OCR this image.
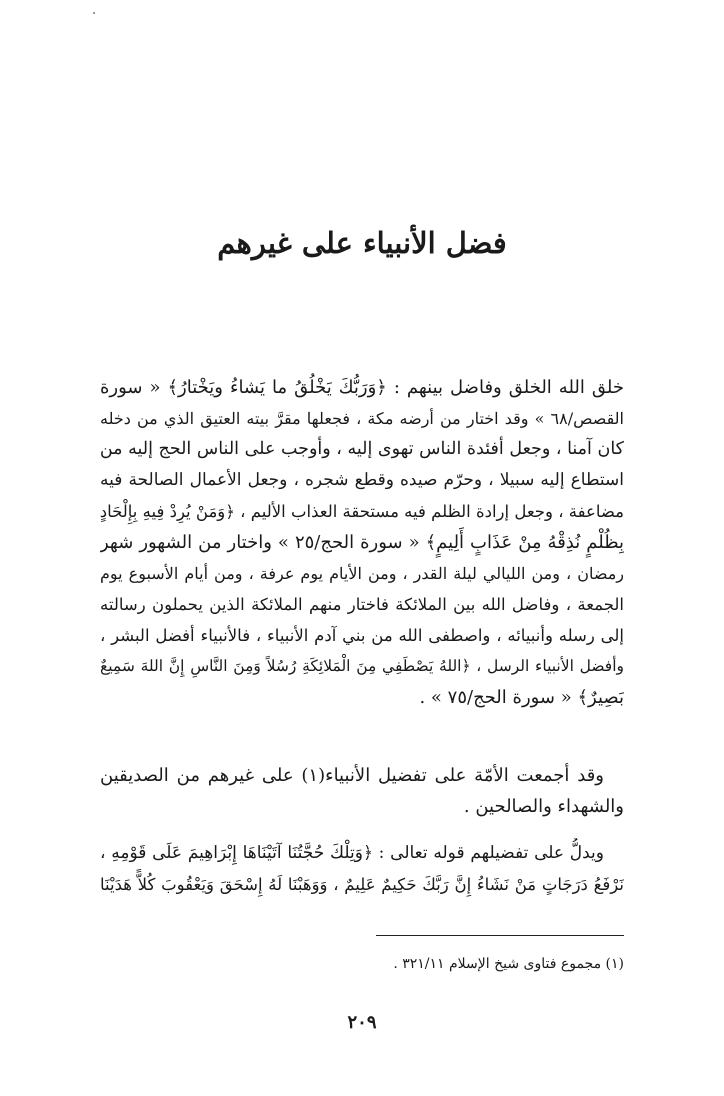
فضل الأنبياء على غيرهم
خلق الله الخلق وفاضل بينهم : ﴿وَرَبُّكَ يَخْلُقُ ما يَشاءُ ويَخْتارُ﴾ « سورة
القصص/٦٨ » وقد اختار من أرضه مكة ، فجعلها مقرَّ بيته العتيق الذي من دخله
كان آمنا ، وجعل أفئدة الناس تهوى إليه ، وأوجب على الناس الحج إليه من
استطاع إليه سبيلا ، وحرّم صيده وقطع شجره ، وجعل الأعمال الصالحة فيه
مضاعفة ، وجعل إرادة الظلم فيه مستحقة العذاب الأليم ، ﴿وَمَنْ يُرِدْ فِيهِ بِإِلْحَادٍ
بِظُلْمٍ نُذِقْهُ مِنْ عَذَابٍ أَلِيمٍ﴾ « سورة الحج/٢٥ » واختار من الشهور شهر
رمضان ، ومن الليالي ليلة القدر ، ومن الأيام يوم عرفة ، ومن أيام الأسبوع يوم
الجمعة ، وفاضل الله بين الملائكة فاختار منهم الملائكة الذين يحملون رسالته
إلى رسله وأنبيائه ، واصطفى الله من بني آدم الأنبياء ، فالأنبياء أفضل البشر ،
وأفضل الأنبياء الرسل ، ﴿اللهُ يَصْطَفِي مِنَ الْمَلائِكَةِ رُسُلاً وَمِنَ النَّاسِ إِنَّ اللهَ سَمِيعٌ
بَصِيرٌ﴾ « سورة الحج/٧٥ » .
وقد أجمعت الأمّة على تفضيل الأنبياء(١) على غيرهم من الصديقين
والشهداء والصالحين .
ويدلُّ على تفضيلهم قوله تعالى : ﴿وَتِلْكَ حُجَّتُنَا آتَيْنَاهَا إِبْرَاهِيمَ عَلَى قَوْمِهِ ،
نَرْفَعُ دَرَجَاتٍ مَنْ نَشَاءُ إِنَّ رَبَّكَ حَكِيمٌ عَلِيمٌ ، وَوَهَبْنَا لَهُ إِسْحَقَ وَيَعْقُوبَ كُلاًّ هَدَيْنَا
(١) مجموع فتاوى شيخ الإسلام ٣٢١/١١ .
٢٠٩
